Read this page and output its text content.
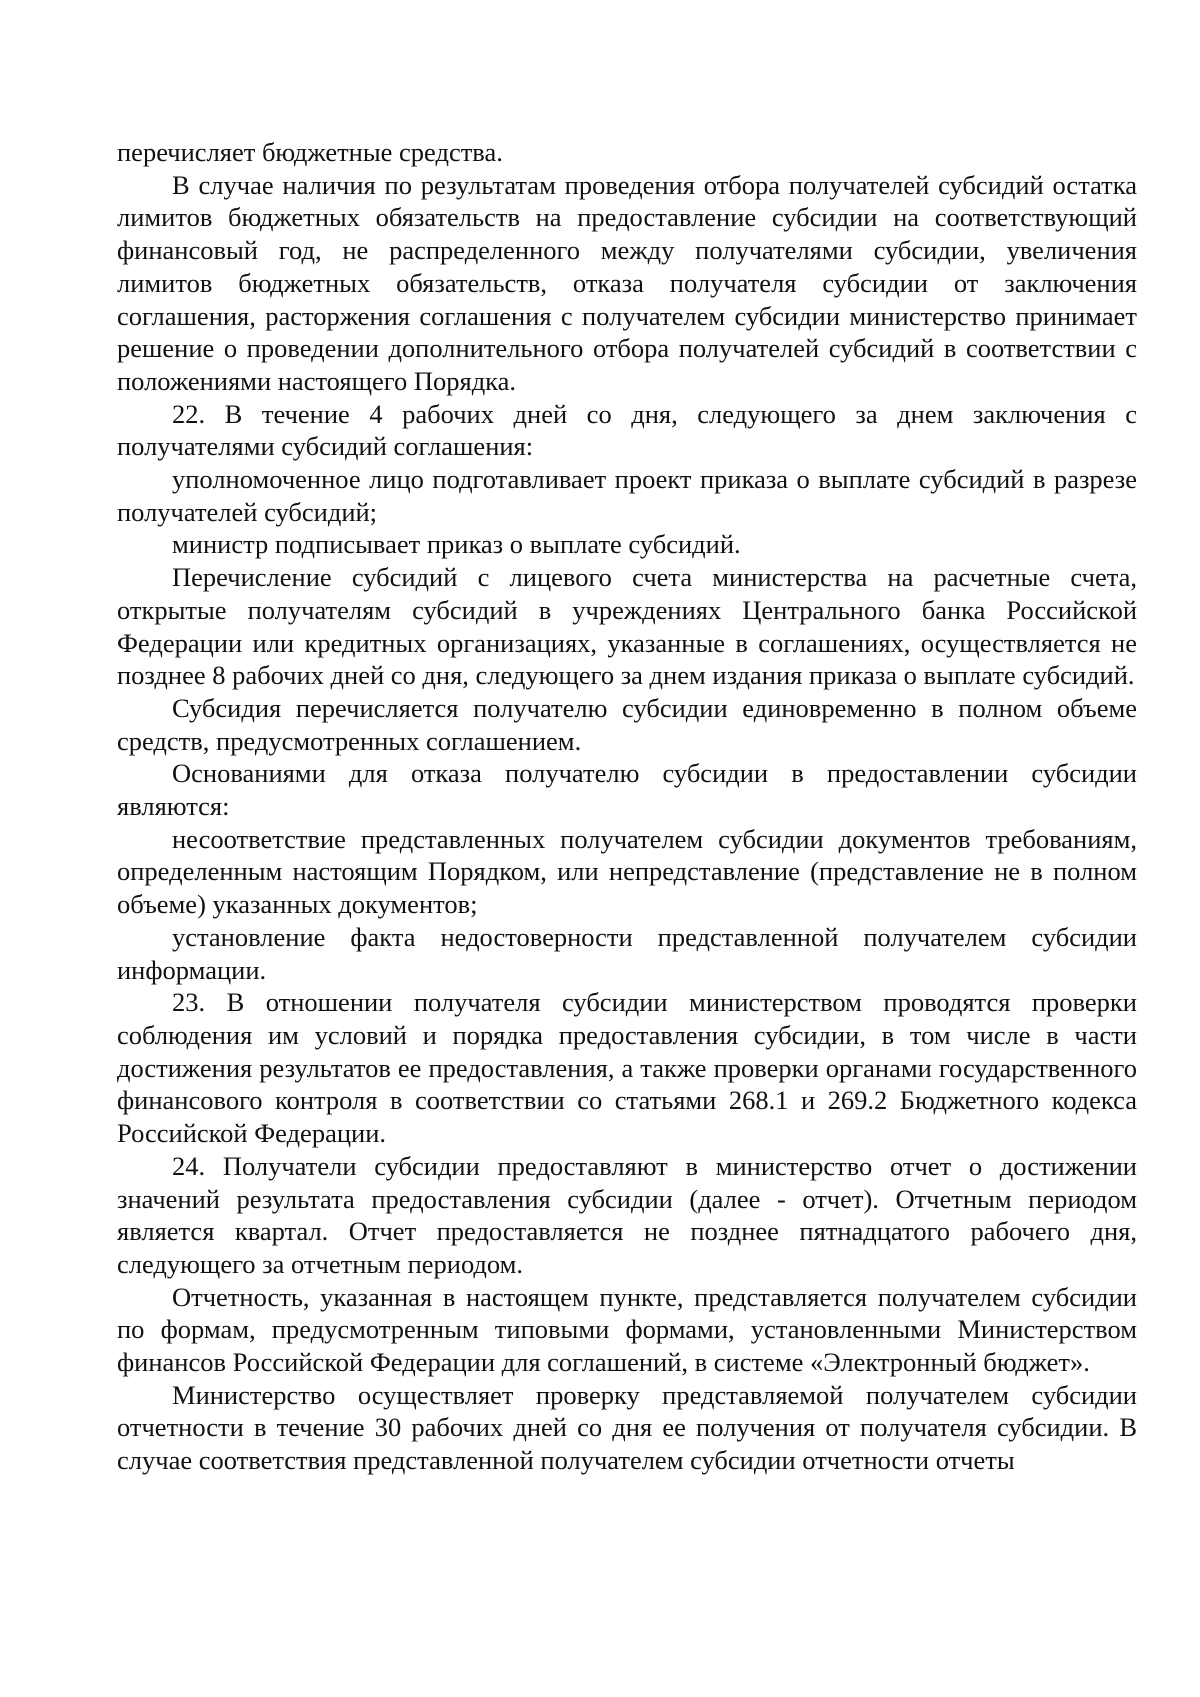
перечисляет бюджетные средства.

В случае наличия по результатам проведения отбора получателей субсидий остатка лимитов бюджетных обязательств на предоставление субсидии на соответствующий финансовый год, не распределенного между получателями субсидии, увеличения лимитов бюджетных обязательств, отказа получателя субсидии от заключения соглашения, расторжения соглашения с получателем субсидии министерство принимает решение о проведении дополнительного отбора получателей субсидий в соответствии с положениями настоящего Порядка.

22. В течение 4 рабочих дней со дня, следующего за днем заключения с получателями субсидий соглашения:

уполномоченное лицо подготавливает проект приказа о выплате субсидий в разрезе получателей субсидий;

министр подписывает приказ о выплате субсидий.

Перечисление субсидий с лицевого счета министерства на расчетные счета, открытые получателям субсидий в учреждениях Центрального банка Российской Федерации или кредитных организациях, указанные в соглашениях, осуществляется не позднее 8 рабочих дней со дня, следующего за днем издания приказа о выплате субсидий.

Субсидия перечисляется получателю субсидии единовременно в полном объеме средств, предусмотренных соглашением.

Основаниями для отказа получателю субсидии в предоставлении субсидии являются:

несоответствие представленных получателем субсидии документов требованиям, определенным настоящим Порядком, или непредставление (представление не в полном объеме) указанных документов;

установление факта недостоверности представленной получателем субсидии информации.

23. В отношении получателя субсидии министерством проводятся проверки соблюдения им условий и порядка предоставления субсидии, в том числе в части достижения результатов ее предоставления, а также проверки органами государственного финансового контроля в соответствии со статьями 268.1 и 269.2 Бюджетного кодекса Российской Федерации.

24. Получатели субсидии предоставляют в министерство отчет о достижении значений результата предоставления субсидии (далее - отчет). Отчетным периодом является квартал. Отчет предоставляется не позднее пятнадцатого рабочего дня, следующего за отчетным периодом.

Отчетность, указанная в настоящем пункте, представляется получателем субсидии по формам, предусмотренным типовыми формами, установленными Министерством финансов Российской Федерации для соглашений, в системе «Электронный бюджет».

Министерство осуществляет проверку представляемой получателем субсидии отчетности в течение 30 рабочих дней со дня ее получения от получателя субсидии. В случае соответствия представленной получателем субсидии отчетности отчеты
